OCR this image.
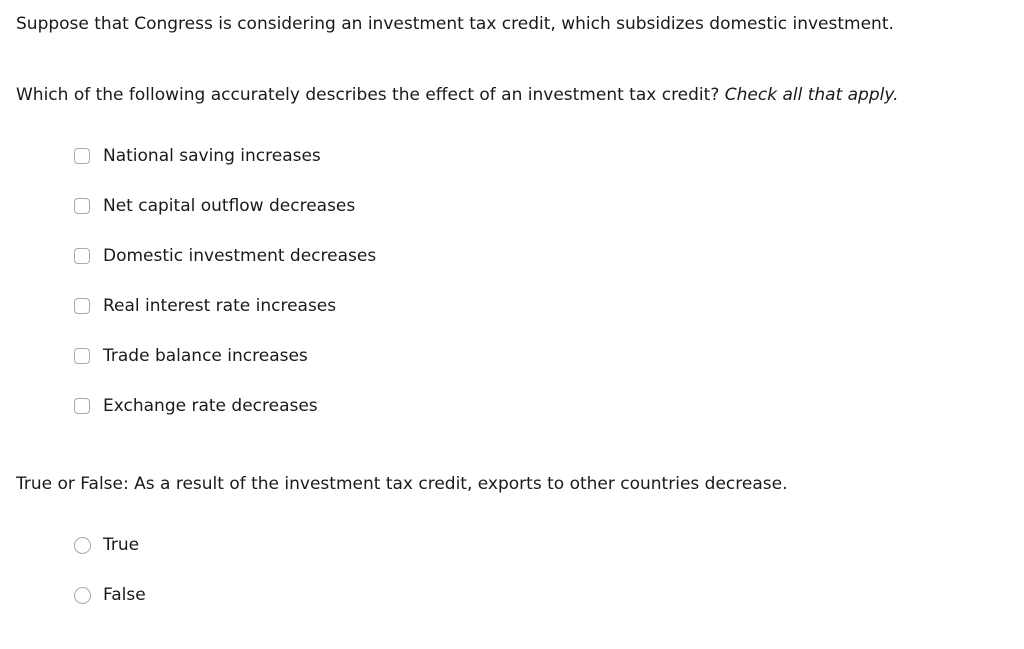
Suppose that Congress is considering an investment tax credit, which subsidizes domestic investment.
Which of the following accurately describes the effect of an investment tax credit? Check all that apply.
National saving increases
Net capital outflow decreases
Domestic investment decreases
Real interest rate increases
Trade balance increases
Exchange rate decreases
True or False: As a result of the investment tax credit, exports to other countries decrease.
True
False
